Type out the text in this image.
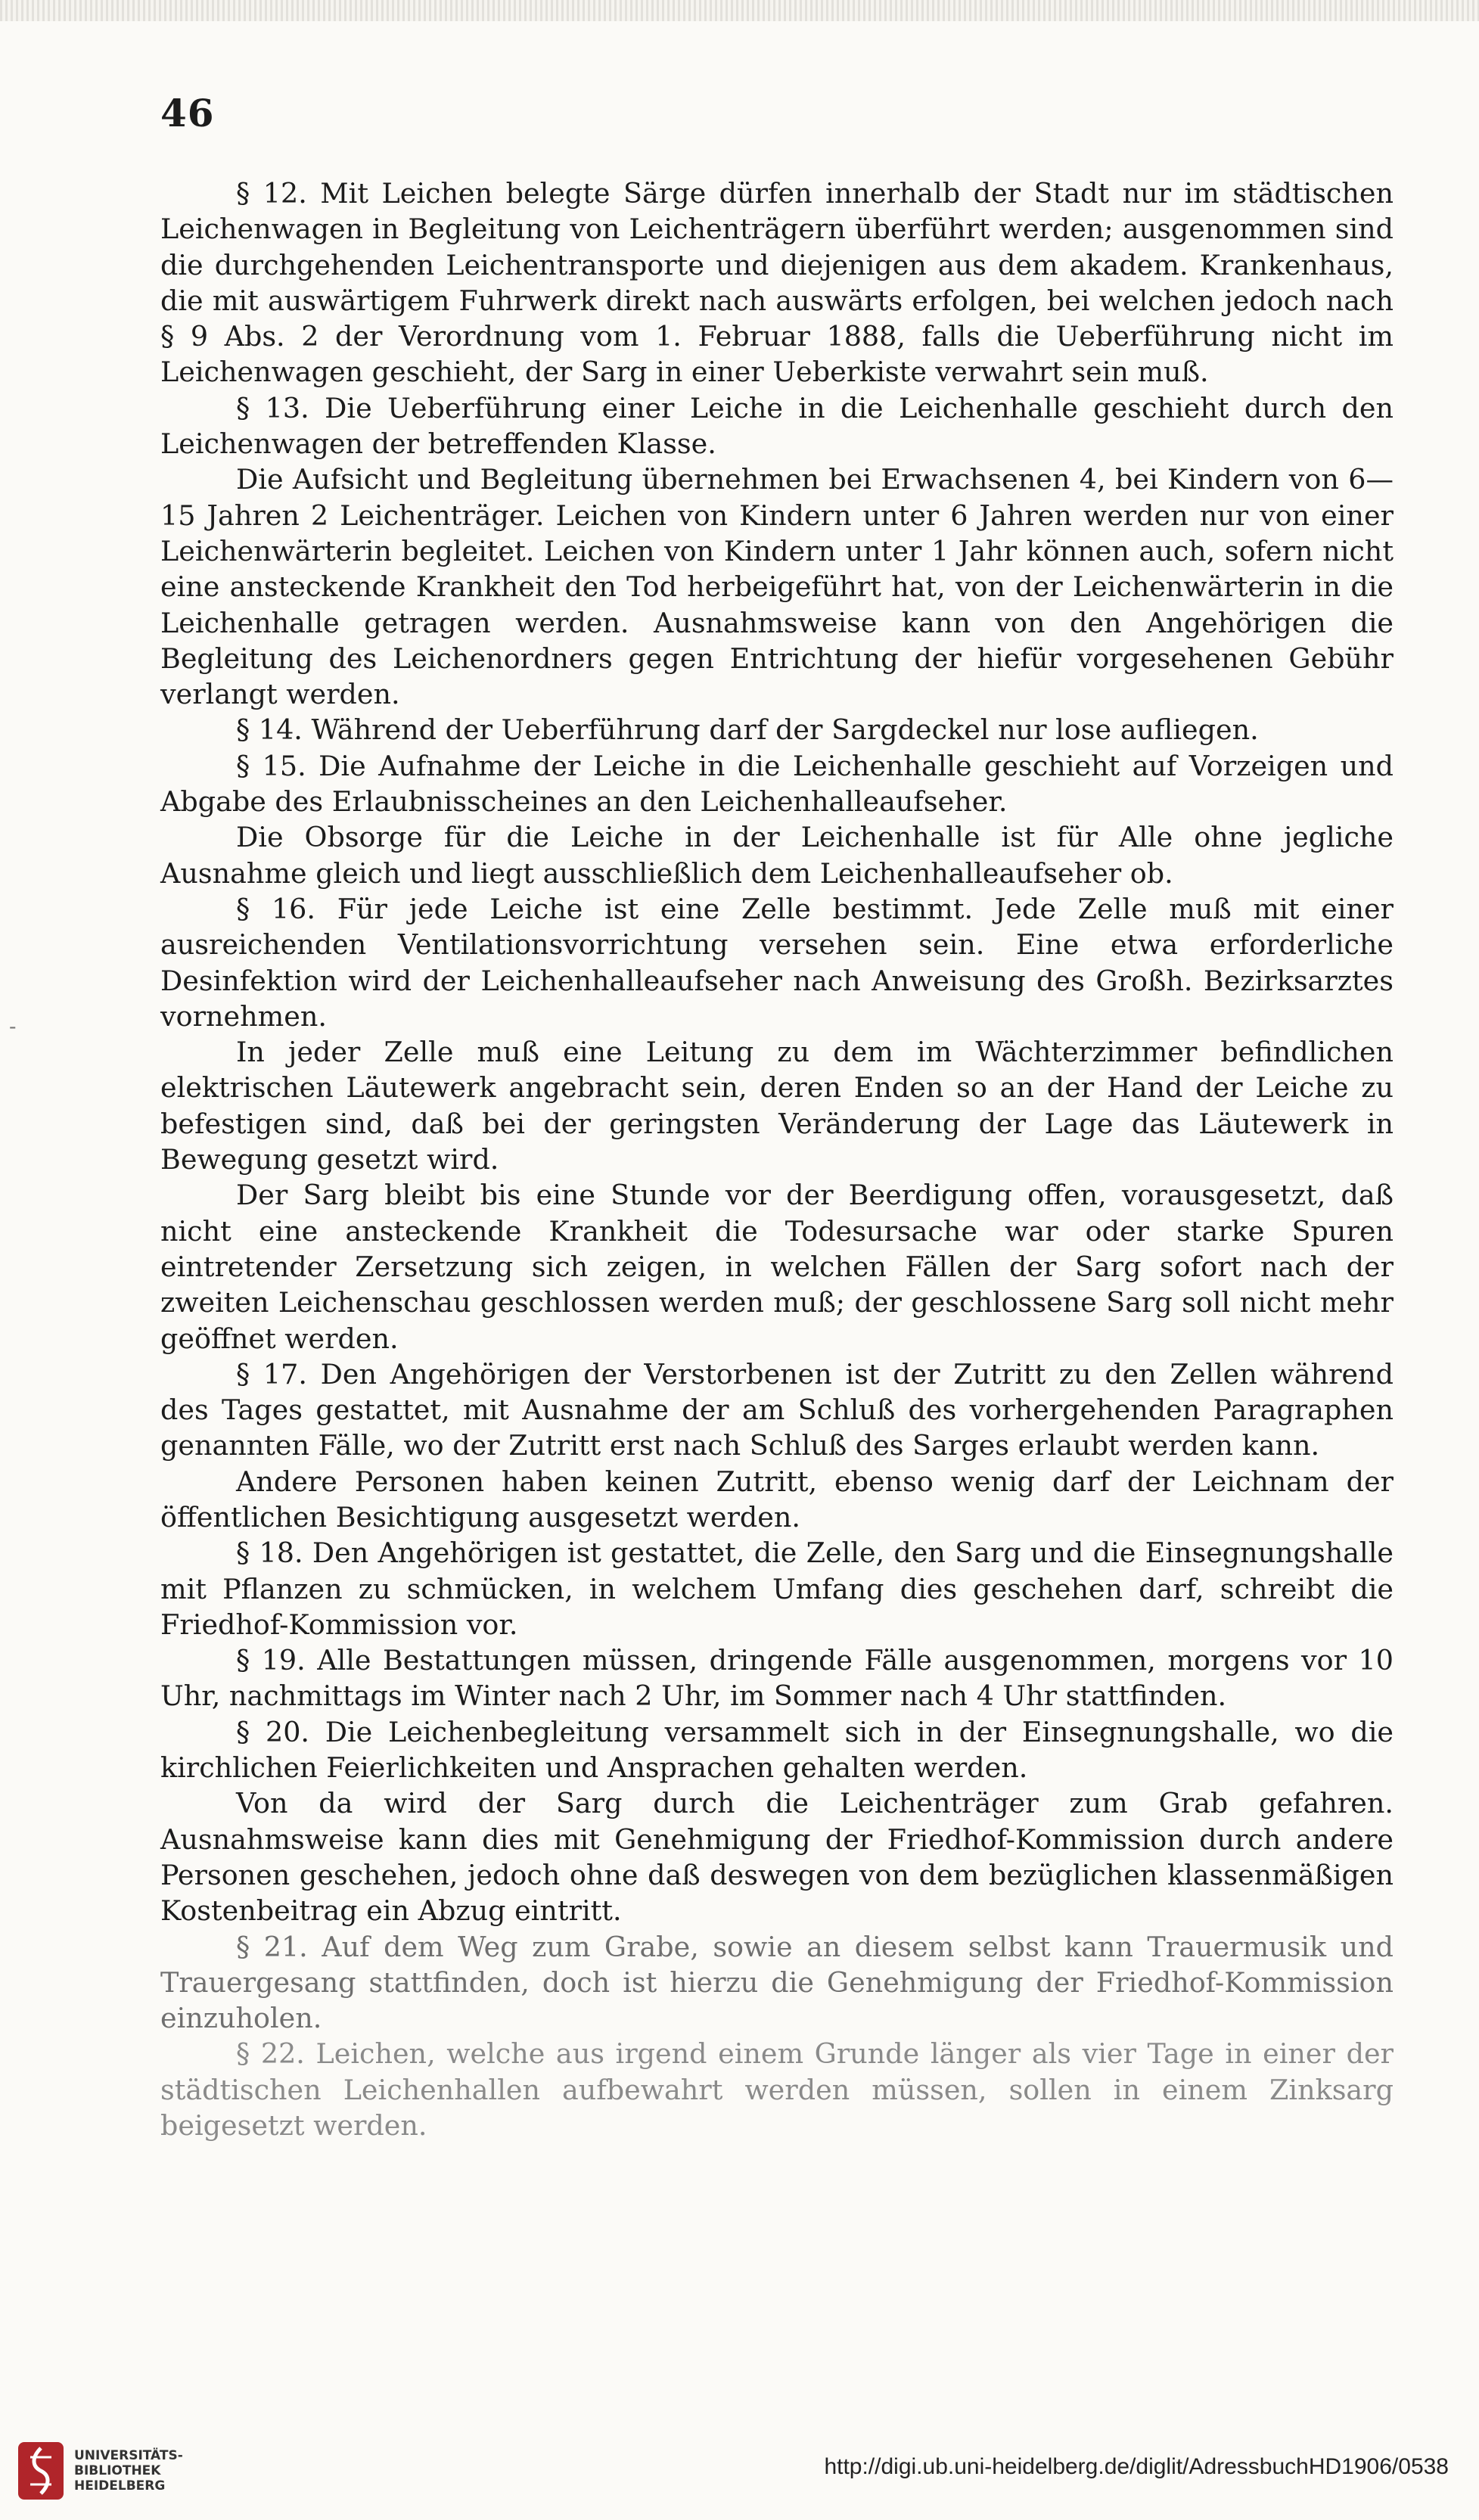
46
-

§ 12. Mit Leichen belegte Särge dürfen innerhalb der Stadt nur im städtischen Leichenwagen in Begleitung von Leichenträgern überführt werden; ausgenommen sind die durchgehenden Leichentransporte und diejenigen aus dem akadem. Krankenhaus, die mit auswärtigem Fuhrwerk direkt nach auswärts erfolgen, bei welchen jedoch nach § 9 Abs. 2 der Verordnung vom 1. Februar 1888, falls die Ueberführung nicht im Leichenwagen geschieht, der Sarg in einer Ueberkiste verwahrt sein muß.

§ 13. Die Ueberführung einer Leiche in die Leichenhalle geschieht durch den Leichenwagen der betreffenden Klasse.

Die Aufsicht und Begleitung übernehmen bei Erwachsenen 4, bei Kindern von 6—15 Jahren 2 Leichenträger. Leichen von Kindern unter 6 Jahren werden nur von einer Leichenwärterin begleitet. Leichen von Kindern unter 1 Jahr können auch, sofern nicht eine ansteckende Krankheit den Tod herbeigeführt hat, von der Leichenwärterin in die Leichenhalle getragen werden. Ausnahmsweise kann von den Angehörigen die Begleitung des Leichenordners gegen Entrichtung der hiefür vorgesehenen Gebühr verlangt werden.

§ 14. Während der Ueberführung darf der Sargdeckel nur lose aufliegen.

§ 15. Die Aufnahme der Leiche in die Leichenhalle geschieht auf Vorzeigen und Abgabe des Erlaubnisscheines an den Leichenhalleaufseher.

Die Obsorge für die Leiche in der Leichenhalle ist für Alle ohne jegliche Ausnahme gleich und liegt ausschließlich dem Leichenhalleaufseher ob.

§ 16. Für jede Leiche ist eine Zelle bestimmt. Jede Zelle muß mit einer ausreichenden Ventilationsvorrichtung versehen sein. Eine etwa erforderliche Desinfektion wird der Leichenhalleaufseher nach Anweisung des Großh. Bezirksarztes vornehmen.

In jeder Zelle muß eine Leitung zu dem im Wächterzimmer befindlichen elektrischen Läutewerk angebracht sein, deren Enden so an der Hand der Leiche zu befestigen sind, daß bei der geringsten Veränderung der Lage das Läutewerk in Bewegung gesetzt wird.

Der Sarg bleibt bis eine Stunde vor der Beerdigung offen, vorausgesetzt, daß nicht eine ansteckende Krankheit die Todesursache war oder starke Spuren eintretender Zersetzung sich zeigen, in welchen Fällen der Sarg sofort nach der zweiten Leichenschau geschlossen werden muß; der geschlossene Sarg soll nicht mehr geöffnet werden.

§ 17. Den Angehörigen der Verstorbenen ist der Zutritt zu den Zellen während des Tages gestattet, mit Ausnahme der am Schluß des vorhergehenden Paragraphen genannten Fälle, wo der Zutritt erst nach Schluß des Sarges erlaubt werden kann.

Andere Personen haben keinen Zutritt, ebenso wenig darf der Leichnam der öffentlichen Besichtigung ausgesetzt werden.

§ 18. Den Angehörigen ist gestattet, die Zelle, den Sarg und die Einsegnungshalle mit Pflanzen zu schmücken, in welchem Umfang dies geschehen darf, schreibt die Friedhof-Kommission vor.

§ 19. Alle Bestattungen müssen, dringende Fälle ausgenommen, morgens vor 10 Uhr, nachmittags im Winter nach 2 Uhr, im Sommer nach 4 Uhr stattfinden.

§ 20. Die Leichenbegleitung versammelt sich in der Einsegnungshalle, wo die kirchlichen Feierlichkeiten und Ansprachen gehalten werden.

Von da wird der Sarg durch die Leichenträger zum Grab gefahren. Ausnahmsweise kann dies mit Genehmigung der Friedhof-Kommission durch andere Personen geschehen, jedoch ohne daß deswegen von dem bezüglichen klassenmäßigen Kostenbeitrag ein Abzug eintritt.

§ 21. Auf dem Weg zum Grabe, sowie an diesem selbst kann Trauermusik und Trauergesang stattfinden, doch ist hierzu die Genehmigung der Friedhof-Kommission einzuholen.

§ 22. Leichen, welche aus irgend einem Grunde länger als vier Tage in einer der städtischen Leichenhallen aufbewahrt werden müssen, sollen in einem Zinksarg beigesetzt werden.

UNIVERSITÄTS-
BIBLIOTHEK
HEIDELBERG
http://digi.ub.uni-heidelberg.de/diglit/AdressbuchHD1906/0538
